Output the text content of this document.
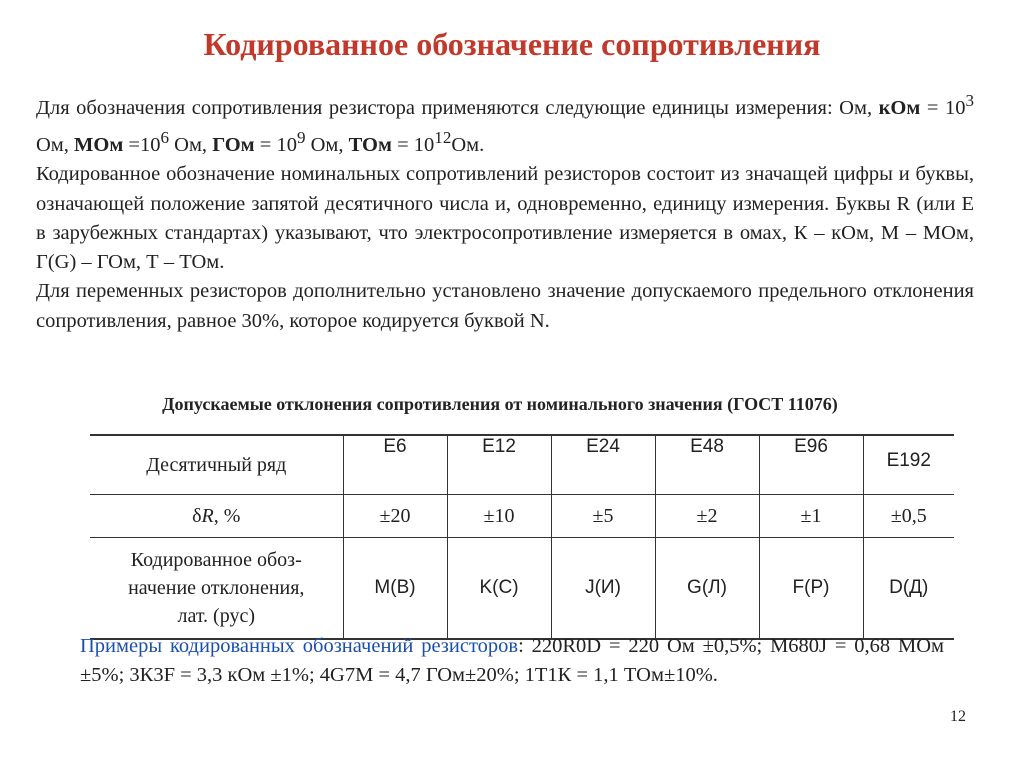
Кодированное обозначение сопротивления

Для обозначения сопротивления резистора применяются следующие единицы измерения: Ом, кОм = $10^3$ Ом, МОм $=10^6$ Ом, ГОм = $10^9$ Ом, ТОм = $10^{12}Ом$.

Кодированное обозначение номинальных сопротивлений резисторов состоит из значащей цифры и буквы, означающей положение запятой десятичного числа и, одновременно, единицу измерения. Буквы R (или E в зарубежных стандартах) указывают, что электросопротивление измеряется в омах, К – кОм, М – МОм, Г(G) – ГОм, Т – ТОм.

Для переменных резисторов дополнительно установлено значение допускаемого предельного отклонения сопротивления, равное 30%, которое кодируется буквой N.

Допускаемые отклонения сопротивления от номинального значения (ГОСТ 11076)
Десятичный ряд	E6	E12	E24	E48	E96	E192
δR, %	±20	±10	±5	±2	±1	±0,5
Кодированное обоз-
начение отклонения,
лат. (рус)	M(В)	K(С)	J(И)	G(Л)	F(Р)	D(Д)
Примеры кодированных обозначений резисторов: 220R0D = 220 Ом ±0,5%; M680J = 0,68 МОм ±5%; 3К3F = 3,3 кОм ±1%; 4G7M = 4,7 ГОм±20%; 1Т1К = 1,1 ТОм±10%.
12
